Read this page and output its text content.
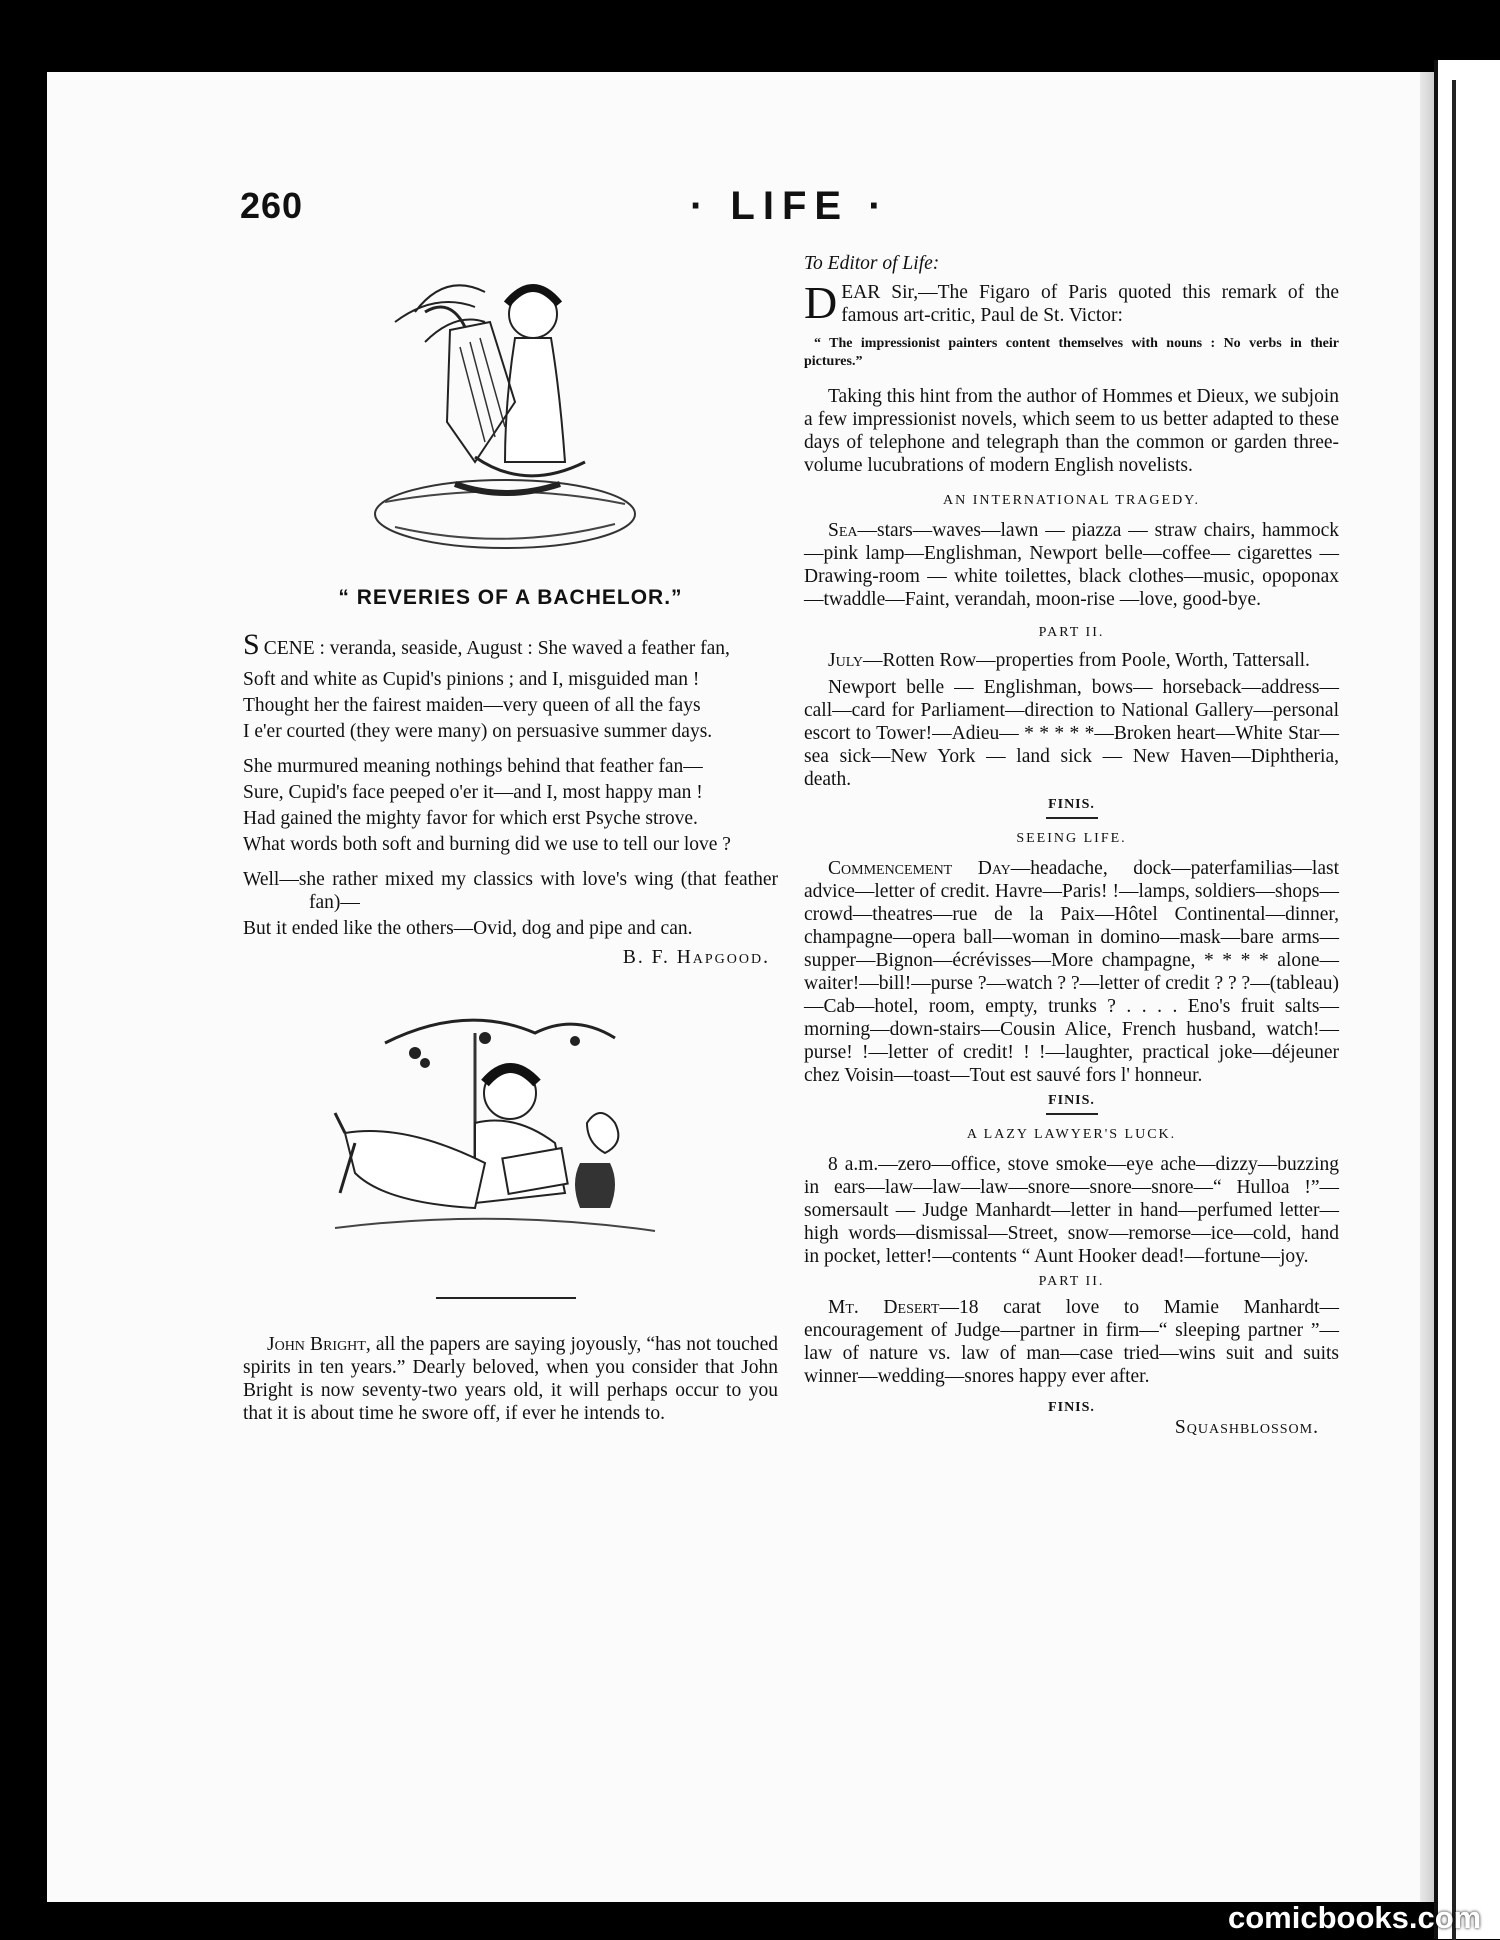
260	· LIFE ·
“ REVERIES OF A BACHELOR.”

SCENE : veranda, seaside, August : She waved a feather fan,

Soft and white as Cupid's pinions ; and I, misguided man !

Thought her the fairest maiden—very queen of all the fays

I e'er courted (they were many) on persuasive summer days.

She murmured meaning nothings behind that feather fan—

Sure, Cupid's face peeped o'er it—and I, most happy man !

Had gained the mighty favor for which erst Psyche strove.

What words both soft and burning did we use to tell our love ?

Well—she rather mixed my classics with love's wing (that feather fan)—

But it ended like the others—Ovid, dog and pipe and can.

B. F. Hapgood.

John Bright, all the papers are saying joyously, “has not touched spirits in ten years.” Dearly beloved, when you consider that John Bright is now seventy-two years old, it will perhaps occur to you that it is about time he swore off, if ever he intends to.

To Editor of Life:

DEAR Sir,—The Figaro of Paris quoted this remark of the famous art-critic, Paul de St. Victor:

“ The impressionist painters content themselves with nouns : No verbs in their pictures.”

Taking this hint from the author of Hommes et Dieux, we subjoin a few impressionist novels, which seem to us better adapted to these days of telephone and telegraph than the common or garden three-volume lucubrations of modern English novelists.

AN INTERNATIONAL TRAGEDY.

Sea—stars—waves—lawn — piazza — straw chairs, hammock—pink lamp—Englishman, Newport belle—coffee— cigarettes — Drawing-room — white toilettes, black clothes—music, opoponax—twaddle—Faint, verandah, moon-rise —love, good-bye.

PART II.

July—Rotten Row—properties from Poole, Worth, Tattersall.

Newport belle — Englishman, bows— horseback—address—call—card for Parliament—direction to National Gallery—personal escort to Tower!—Adieu— * * * * *—Broken heart—White Star—sea sick—New York — land sick — New Haven—Diphtheria, death.

FINIS.
SEEING LIFE.

Commencement Day—headache, dock—paterfamilias—last advice—letter of credit. Havre—Paris! !—lamps, soldiers—shops—crowd—theatres—rue de la Paix—Hôtel Continental—dinner, champagne—opera ball—woman in domino—mask—bare arms—supper—Bignon—écrévisses—More champagne, * * * * alone—waiter!—bill!—purse ?—watch ? ?—letter of credit ? ? ?—(tableau)—Cab—hotel, room, empty, trunks ? . . . . Eno's fruit salts—morning—down-stairs—Cousin Alice, French husband, watch!—purse! !—letter of credit! ! !—laughter, practical joke—déjeuner chez Voisin—toast—Tout est sauvé fors l' honneur.

FINIS.
A LAZY LAWYER'S LUCK.

8 a.m.—zero—office, stove smoke—eye ache—dizzy—buzzing in ears—law—law—law—snore—snore—snore—“ Hulloa !”—somersault — Judge Manhardt—letter in hand—perfumed letter—high words—dismissal—Street, snow—remorse—ice—cold, hand in pocket, letter!—contents “ Aunt Hooker dead!—fortune—joy.

PART II.

Mt. Desert—18 carat love to Mamie Manhardt—encouragement of Judge—partner in firm—“ sleeping partner ”—law of nature vs. law of man—case tried—wins suit and suits winner—wedding—snores happy ever after.

FINIS.
Squashblossom.
comicbooks.com
